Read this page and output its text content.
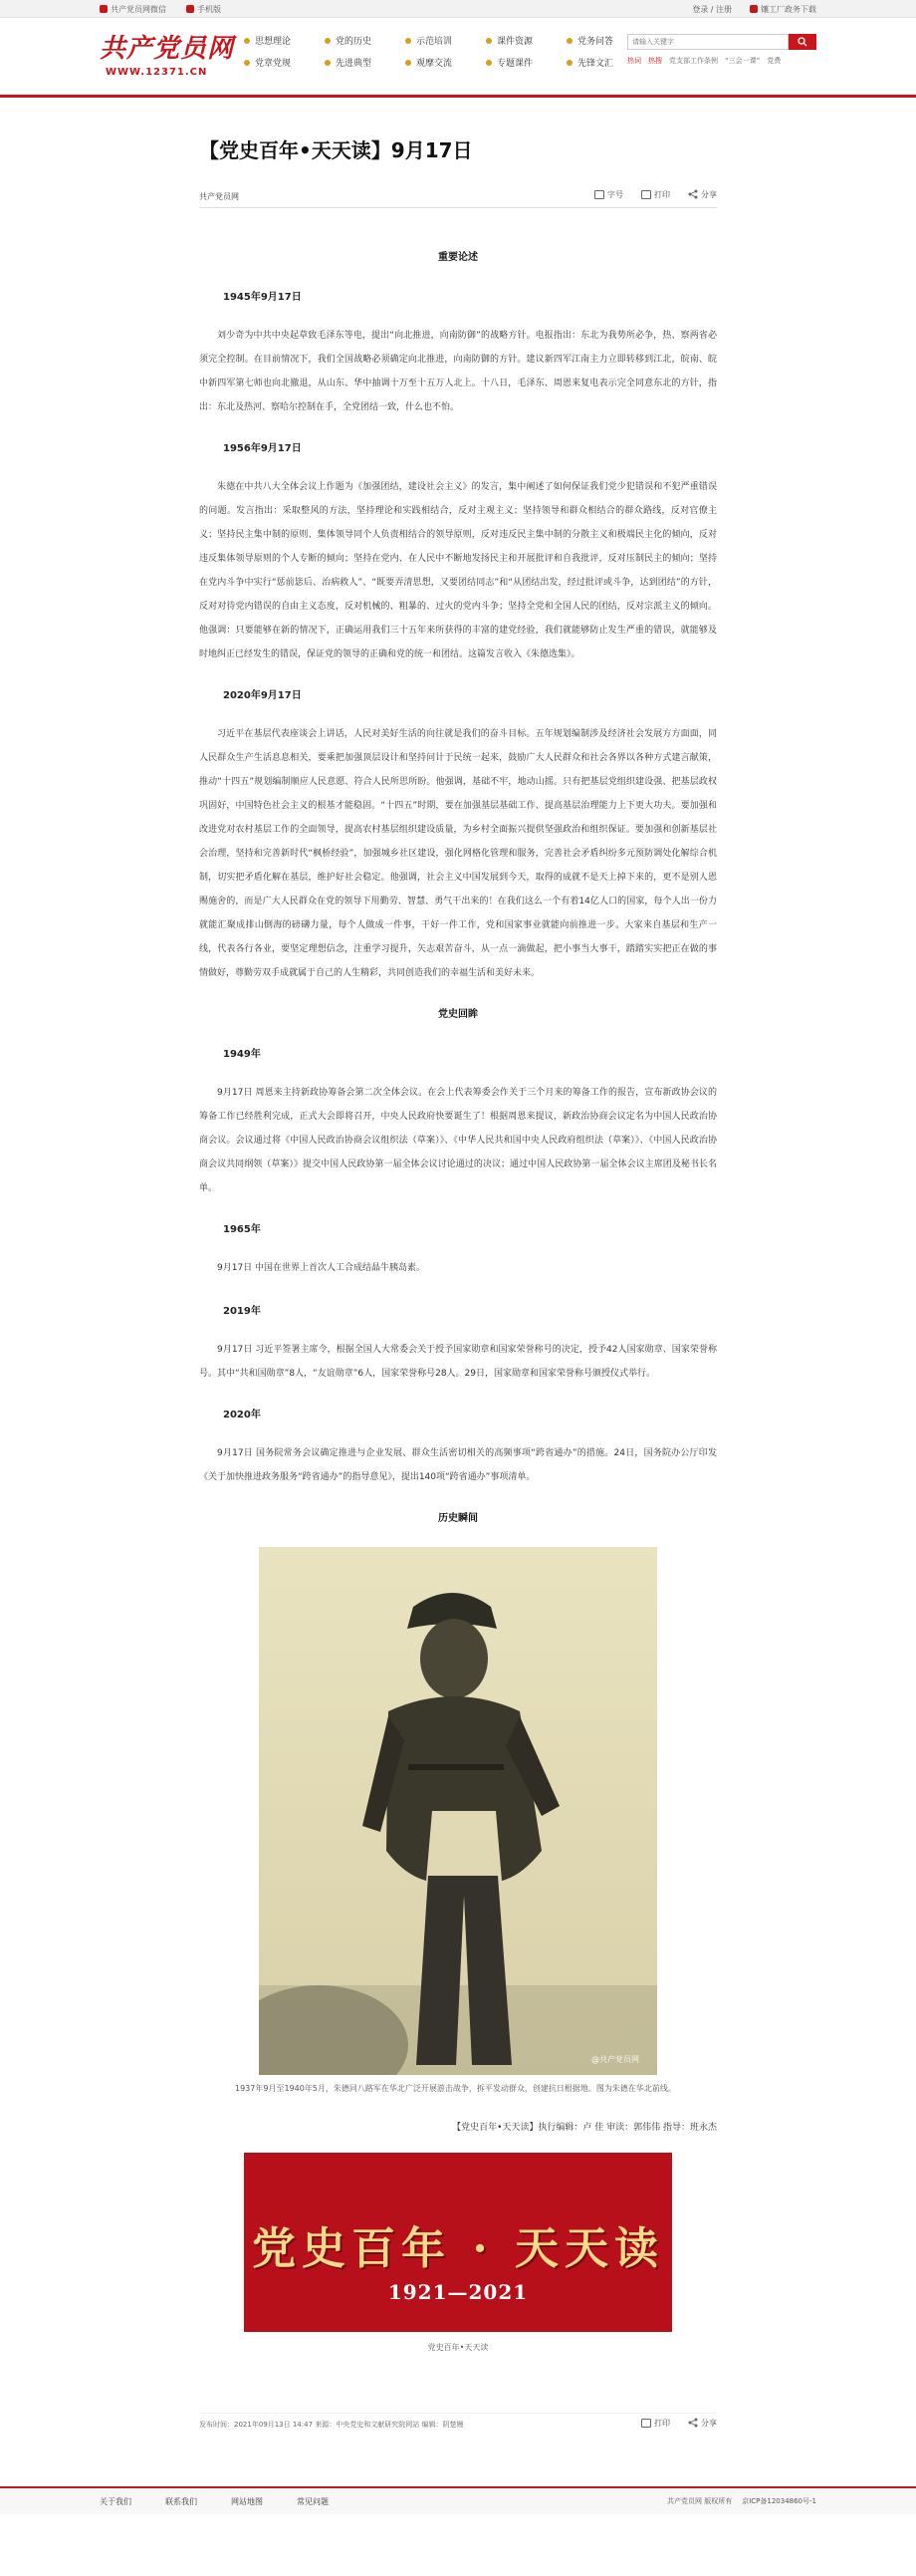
共产党员网微信	手机版	登录 / 注册	镶工厂政务下载
共产党员网
WWW.12371.CN
思想理论	党的历史	示范培训	课件资源	党务问答
党章党规	先进典型	观摩交流	专题课件	先锋文汇
请输入关键字	热词 热搜 党支部工作条例 “三会一课” 党费
【党史百年•天天读】9月17日
共产党员网	字号	打印	分享
重要论述
1945年9月17日

刘少奇为中共中央起草致毛泽东等电，提出“向北推进，向南防御”的战略方针。电报指出：东北为我势所必争，热、察两省必须完全控制。在目前情况下，我们全国战略必须确定向北推进，向南防御的方针。建议新四军江南主力立即转移到江北，皖南、皖中新四军第七师也向北撤退，从山东、华中抽调十万至十五万人北上。十八日，毛泽东、周恩来复电表示完全同意东北的方针，指出：东北及热河、察哈尔控制在手，全党团结一致，什么也不怕。

1956年9月17日

朱德在中共八大全体会议上作题为《加强团结，建设社会主义》的发言，集中阐述了如何保证我们党少犯错误和不犯严重错误的问题。发言指出：采取整风的方法，坚持理论和实践相结合，反对主观主义；坚持领导和群众相结合的群众路线，反对官僚主义；坚持民主集中制的原则、集体领导同个人负责相结合的领导原则，反对违反民主集中制的分散主义和极端民主化的倾向，反对违反集体领导原则的个人专断的倾向；坚持在党内、在人民中不断地发扬民主和开展批评和自我批评，反对压制民主的倾向；坚持在党内斗争中实行“惩前毖后、治病救人”、“既要弄清思想，又要团结同志”和“从团结出发，经过批评或斗争，达到团结”的方针，反对对待党内错误的自由主义态度，反对机械的、粗暴的、过火的党内斗争；坚持全党和全国人民的团结，反对宗派主义的倾向。他强调：只要能够在新的情况下，正确运用我们三十五年来所获得的丰富的建党经验，我们就能够防止发生严重的错误，就能够及时地纠正已经发生的错误，保证党的领导的正确和党的统一和团结。这篇发言收入《朱德选集》。

2020年9月17日

习近平在基层代表座谈会上讲话，人民对美好生活的向往就是我们的奋斗目标。五年规划编制涉及经济社会发展方方面面，同人民群众生产生活息息相关，要乘把加强顶层设计和坚持问计于民统一起来，鼓励广大人民群众和社会各界以各种方式建言献策，推动“十四五”规划编制顺应人民意愿、符合人民所思所盼。他强调，基础不牢，地动山摇。只有把基层党组织建设强、把基层政权巩固好，中国特色社会主义的根基才能稳固。“十四五”时期，要在加强基层基础工作、提高基层治理能力上下更大功夫。要加强和改进党对农村基层工作的全面领导，提高农村基层组织建设质量，为乡村全面振兴提供坚强政治和组织保证。要加强和创新基层社会治理，坚持和完善新时代“枫桥经验”，加强城乡社区建设，强化网格化管理和服务，完善社会矛盾纠纷多元预防调处化解综合机制，切实把矛盾化解在基层，维护好社会稳定。他强调，社会主义中国发展到今天，取得的成就不是天上掉下来的，更不是别人恩赐施舍的，而是广大人民群众在党的领导下用勤劳、智慧、勇气干出来的！在我们这么一个有着14亿人口的国家，每个人出一份力就能汇聚成排山倒海的磅礴力量，每个人做成一件事，干好一件工作，党和国家事业就能向前推进一步。大家来自基层和生产一线，代表各行各业，要坚定理想信念，注重学习提升，矢志艰苦奋斗，从一点一滴做起，把小事当大事干，踏踏实实把正在做的事情做好，尊勤劳双手成就属于自己的人生精彩，共同创造我们的幸福生活和美好未来。

党史回眸
1949年

9月17日 周恩来主持新政协筹备会第二次全体会议。在会上代表筹委会作关于三个月来的筹备工作的报告，宣布新政协会议的筹备工作已经胜利完成，正式大会即将召开，中央人民政府快要诞生了！根据周恩来提议，新政治协商会议定名为中国人民政治协商会议。会议通过将《中国人民政治协商会议组织法（草案）》、《中华人民共和国中央人民政府组织法（草案）》、《中国人民政治协商会议共同纲领（草案）》提交中国人民政协第一届全体会议讨论通过的决议；通过中国人民政协第一届全体会议主席团及秘书长名单。

1965年

9月17日 中国在世界上首次人工合成结晶牛胰岛素。

2019年

9月17日 习近平签署主席令，根据全国人大常委会关于授予国家勋章和国家荣誉称号的决定，授予42人国家勋章、国家荣誉称号。其中“共和国勋章”8人，“友谊勋章”6人，国家荣誉称号28人。29日，国家勋章和国家荣誉称号颁授仪式举行。

2020年

9月17日 国务院常务会议确定推进与企业发展、群众生活密切相关的高频事项“跨省通办”的措施。24日，国务院办公厅印发《关于加快推进政务服务“跨省通办”的指导意见》，提出140项“跨省通办”事项清单。

历史瞬间
@共产党员网
1937年9月至1940年5月，朱德同八路军在华北广泛开展游击战争，拆平发动群众，创建抗日根据地。图为朱德在华北前线。
【党史百年•天天读】执行编辑：卢 佳 审读：郭伟伟 指导：班永杰
党史百年 · 天天读
1921—2021
党史百年•天天读
发布时间：2021年09月13日 14:47 来源：中央党史和文献研究院网站 编辑：阴楚嫚	打印	分享
关于我们	联系我们	网站地图	常见问题	共产党员网 版权所有 京ICP备12034860号-1
